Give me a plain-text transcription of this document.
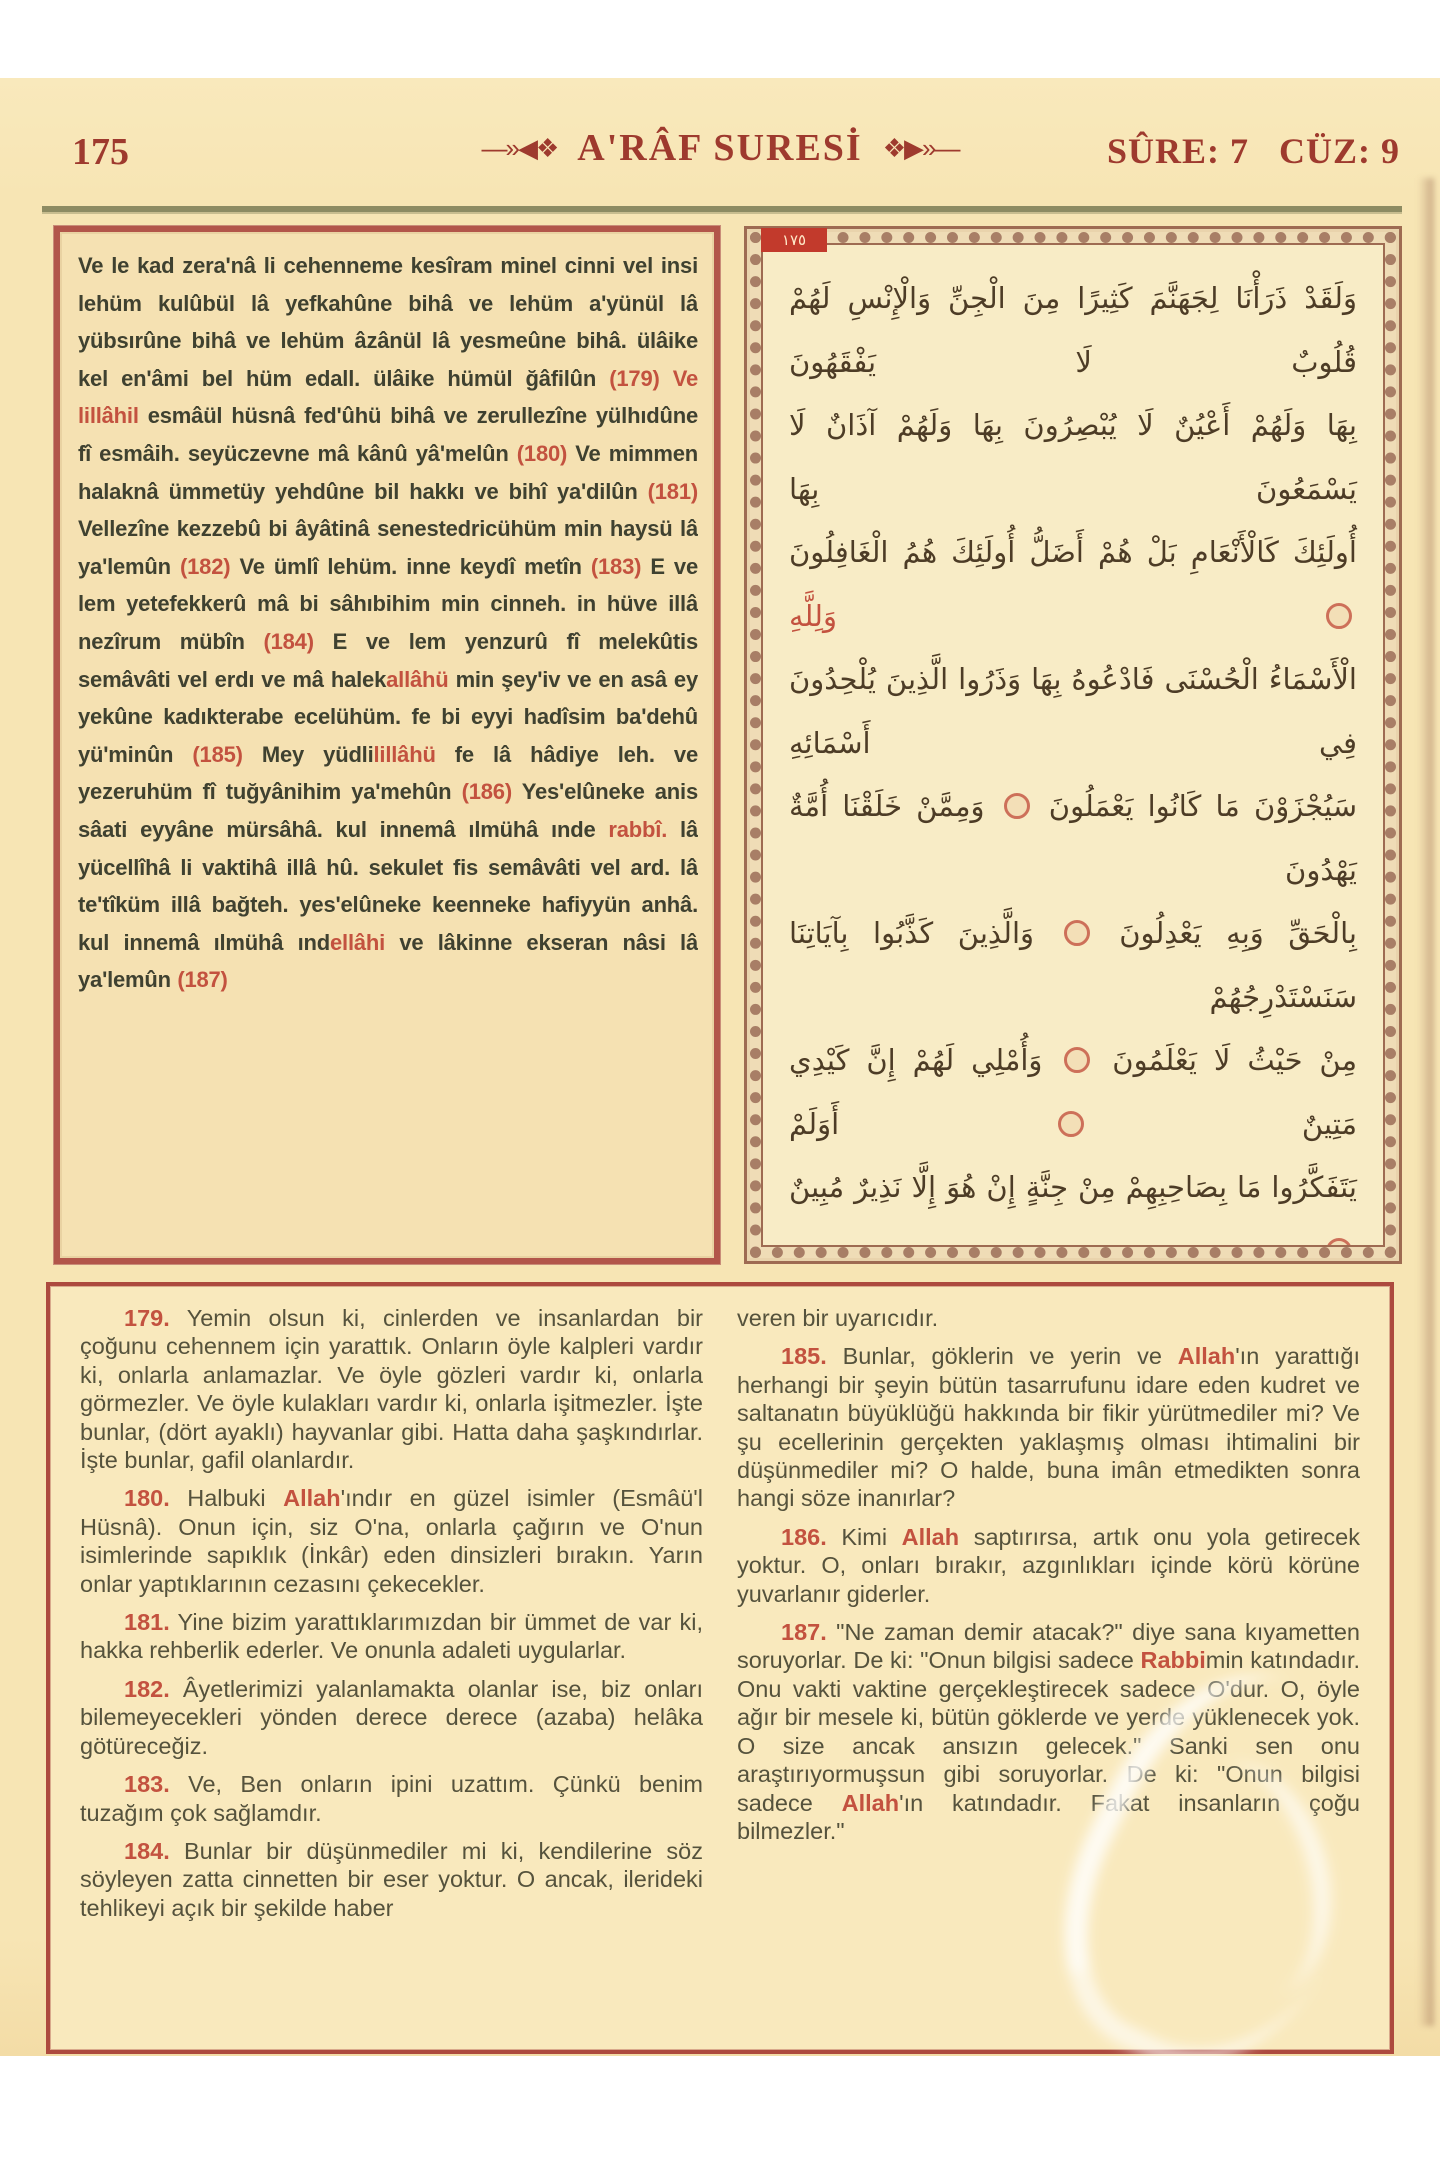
175	—»◀❖ A'RÂF SURESİ ❖▶»—	SÛRE: 7   CÜZ: 9
Ve le kad zera'nâ li cehenneme kesîram minel cinni vel insi lehüm kulûbül lâ yefkahûne bihâ ve lehüm a'yünül lâ yübsırûne bihâ ve lehüm âzânül lâ yesmeûne bihâ. ülâike kel en'âmi bel hüm edall. ülâike hümül ğâfilûn (179) Ve lillâhil esmâül hüsnâ fed'ûhü bihâ ve zerullezîne yülhıdûne fî esmâih. seyüczevne mâ kânû yâ'melûn (180) Ve mimmen halaknâ ümmetüy yehdûne bil hakkı ve bihî ya'dilûn (181) Vellezîne kezzebû bi âyâtinâ senestedricühüm min haysü lâ ya'lemûn (182) Ve ümlî lehüm. inne keydî metîn (183) E ve lem yetefekkerû mâ bi sâhıbihim min cinneh. in hüve illâ nezîrum mübîn (184) E ve lem yenzurû fî melekûtis semâvâti vel erdı ve mâ halekallâhü min şey'iv ve en asâ ey yekûne kadıkterabe ecelühüm. fe bi eyyi hadîsim ba'dehû yü'minûn (185) Mey yüdlilillâhü fe lâ hâdiye leh. ve yezeruhüm fî tuğyânihim ya'mehûn (186) Yes'elûneke anis sâati eyyâne mürsâhâ. kul innemâ ılmühâ ınde rabbî. lâ yücellîhâ li vaktihâ illâ hû. sekulet fis semâvâti vel ard. lâ te'tîküm illâ bağteh. yes'elûneke keenneke hafiyyün anhâ. kul innemâ ılmühâ ındellâhi ve lâkinne ekseran nâsi lâ ya'lemûn (187)
١٧٥
وَلَقَدْ ذَرَأْنَا لِجَهَنَّمَ كَثِيرًا مِنَ الْجِنِّ وَالْإِنْسِ لَهُمْ قُلُوبٌ لَا يَفْقَهُونَ
بِهَا وَلَهُمْ أَعْيُنٌ لَا يُبْصِرُونَ بِهَا وَلَهُمْ آذَانٌ لَا يَسْمَعُونَ بِهَا
أُولَئِكَ كَالْأَنْعَامِ بَلْ هُمْ أَضَلُّ أُولَئِكَ هُمُ الْغَافِلُونَ  وَلِلَّهِ
الْأَسْمَاءُ الْحُسْنَى فَادْعُوهُ بِهَا وَذَرُوا الَّذِينَ يُلْحِدُونَ فِي أَسْمَائِهِ
سَيُجْزَوْنَ مَا كَانُوا يَعْمَلُونَ  وَمِمَّنْ خَلَقْنَا أُمَّةٌ يَهْدُونَ
بِالْحَقِّ وَبِهِ يَعْدِلُونَ  وَالَّذِينَ كَذَّبُوا بِآيَاتِنَا سَنَسْتَدْرِجُهُمْ
مِنْ حَيْثُ لَا يَعْلَمُونَ  وَأُمْلِي لَهُمْ إِنَّ كَيْدِي مَتِينٌ  أَوَلَمْ
يَتَفَكَّرُوا مَا بِصَاحِبِهِمْ مِنْ جِنَّةٍ إِنْ هُوَ إِلَّا نَذِيرٌ مُبِينٌ

179. Yemin olsun ki, cinlerden ve insanlardan bir çoğunu cehennem için yarattık. Onların öyle kalpleri vardır ki, onlarla anlamazlar. Ve öyle gözleri vardır ki, onlarla görmezler. Ve öyle kulakları vardır ki, onlarla işitmezler. İşte bunlar, (dört ayaklı) hayvanlar gibi. Hatta daha şaşkındırlar. İşte bunlar, gafil olanlardır.

180. Halbuki Allah'ındır en güzel isimler (Esmâü'l Hüsnâ). Onun için, siz O'na, onlarla çağırın ve O'nun isimlerinde sapıklık (İnkâr) eden dinsizleri bırakın. Yarın onlar yaptıklarının cezasını çekecekler.

181. Yine bizim yarattıklarımızdan bir ümmet de var ki, hakka rehberlik ederler. Ve onunla adaleti uygularlar.

182. Âyetlerimizi yalanlamakta olanlar ise, biz onları bilemeyecekleri yönden derece derece (azaba) helâka götüreceğiz.

183. Ve, Ben onların ipini uzattım. Çünkü benim tuzağım çok sağlamdır.

184. Bunlar bir düşünmediler mi ki, kendilerine söz söyleyen zatta cinnetten bir eser yoktur. O ancak, ilerideki tehlikeyi açık bir şekilde haber

veren bir uyarıcıdır.

185. Bunlar, göklerin ve yerin ve Allah'ın yarattığı herhangi bir şeyin bütün tasarrufunu idare eden kudret ve saltanatın büyüklüğü hakkında bir fikir yürütmediler mi? Ve şu ecellerinin gerçekten yaklaşmış olması ihtimalini bir düşünmediler mi? O halde, buna imân etmedikten sonra hangi söze inanırlar?

186. Kimi Allah saptırırsa, artık onu yola getirecek yoktur. O, onları bırakır, azgınlıkları içinde körü körüne yuvarlanır giderler.

187. "Ne zaman demir atacak?" diye sana kıyametten soruyorlar. De ki: "Onun bilgisi sadece Rabbimin katındadır. Onu vakti vaktine gerçekleştirecek sadece O'dur. O, öyle ağır bir mesele ki, bütün göklerde ve yerde yüklenecek yok. O size ancak ansızın gelecek." Sanki sen onu araştırıyormuşsun gibi soruyorlar. De ki: "Onun bilgisi sadece Allah'ın katındadır. Fakat insanların çoğu bilmezler."
